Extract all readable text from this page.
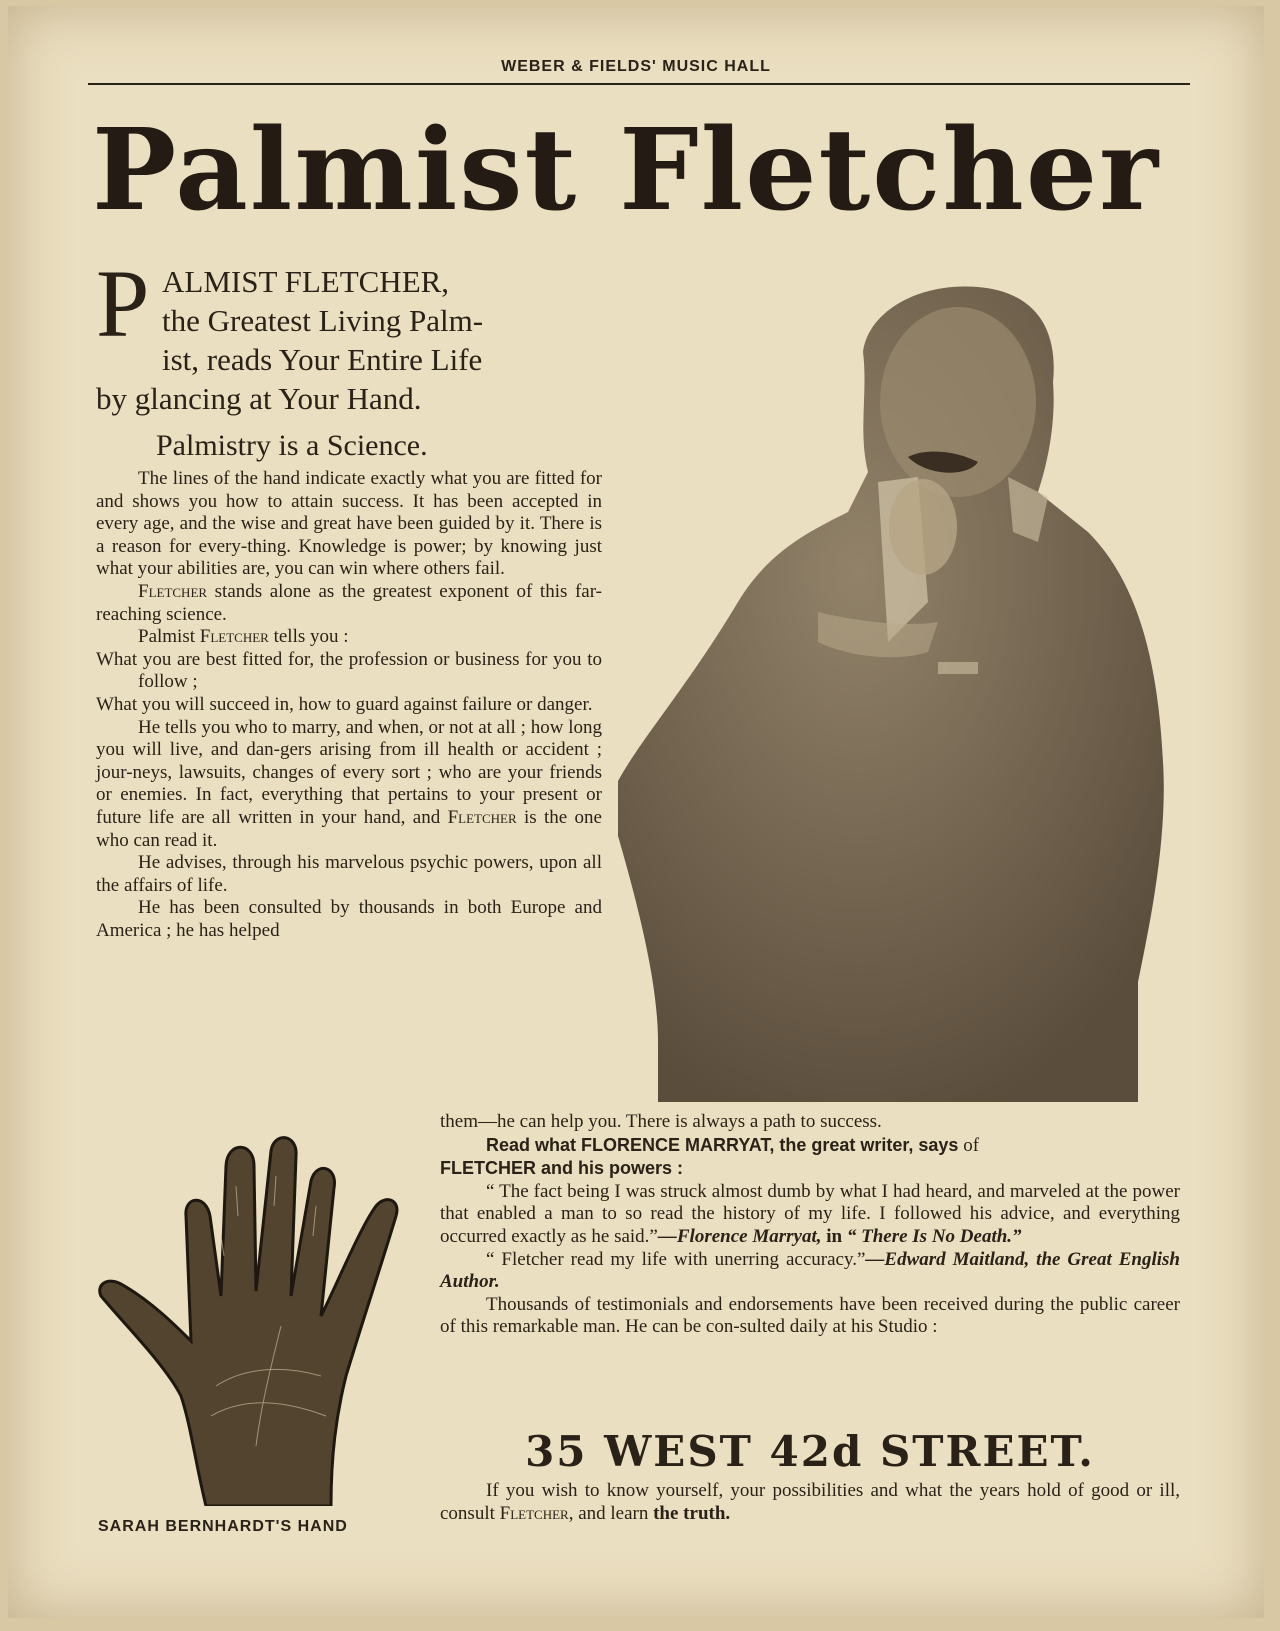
WEBER & FIELDS' MUSIC HALL
Palmist Fletcher
P ALMIST FLETCHER,
the Greatest Living Palm-
ist, reads Your Entire Life
by glancing at Your Hand.
Palmistry is a Science.

The lines of the hand indicate exactly what you are fitted for and shows you how to attain success. It has been accepted in every age, and the wise and great have been guided by it. There is a reason for every-thing. Knowledge is power; by knowing just what your abilities are, you can win where others fail.

Fletcher stands alone as the greatest exponent of this far-reaching science.

Palmist Fletcher tells you :

What you are best fitted for, the profession or business for you to follow ;

What you will succeed in, how to guard against failure or danger.

He tells you who to marry, and when, or not at all ; how long you will live, and dan-gers arising from ill health or accident ; jour-neys, lawsuits, changes of every sort ; who are your friends or enemies. In fact, everything that pertains to your present or future life are all written in your hand, and Fletcher is the one who can read it.

He advises, through his marvelous psychic powers, upon all the affairs of life.

He has been consulted by thousands in both Europe and America ; he has helped

them—he can help you. There is always a path to success.

Read what FLORENCE MARRYAT, the great writer, says of

FLETCHER and his powers :

“ The fact being I was struck almost dumb by what I had heard, and marveled at the power that enabled a man to so read the history of my life. I followed his advice, and everything occurred exactly as he said.”—Florence Marryat, in “ There Is No Death.”

“ Fletcher read my life with unerring accuracy.”—Edward Maitland, the Great English Author.

Thousands of testimonials and endorsements have been received during the public career of this remarkable man. He can be con-sulted daily at his Studio :

35 WEST 42d STREET.

If you wish to know yourself, your possibilities and what the years hold of good or ill, consult Fletcher, and learn the truth.

SARAH BERNHARDT'S HAND
